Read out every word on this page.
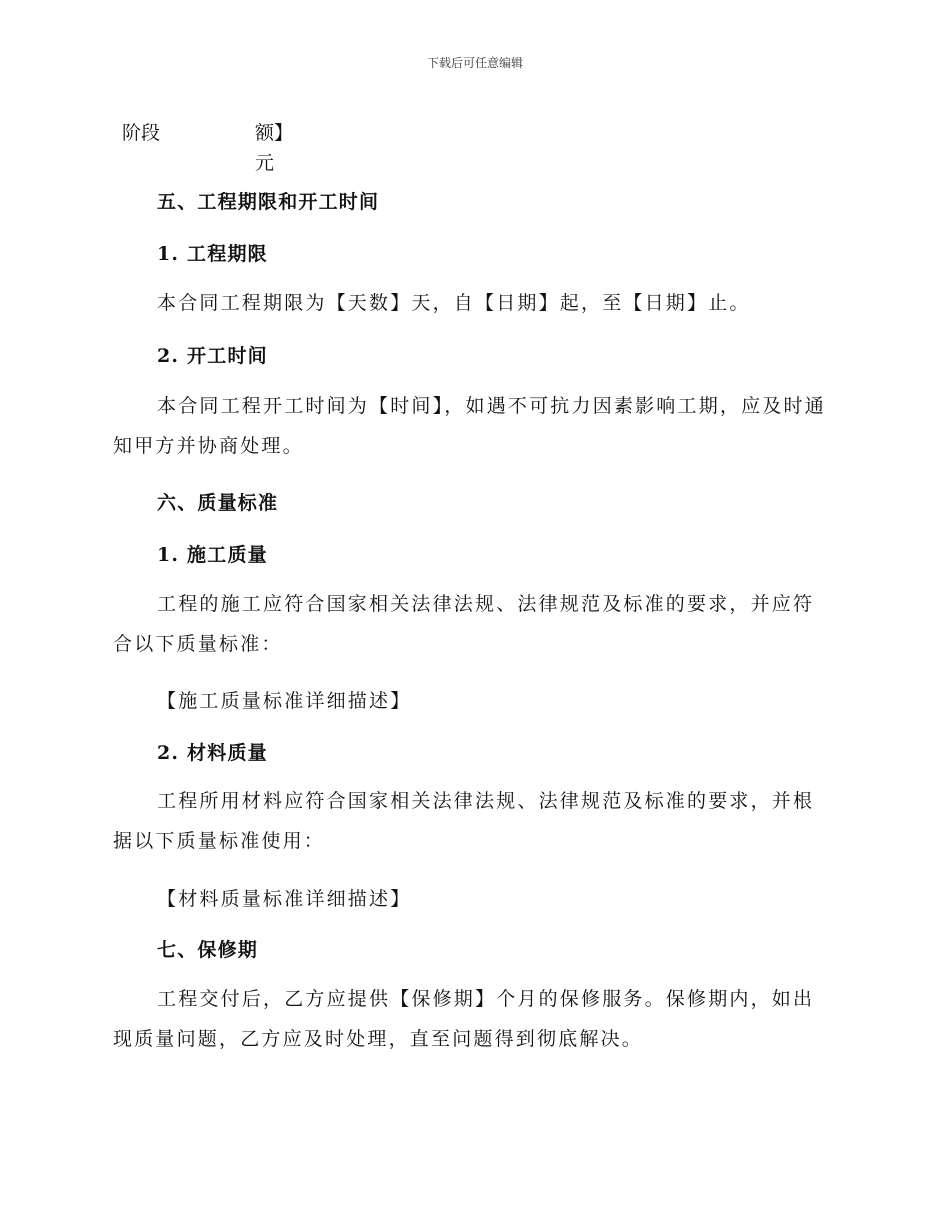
下载后可任意编辑
阶段	额】
元
五、工程期限和开工时间
1. 工程期限
本合同工程期限为【天数】天，自【日期】起，至【日期】止。
2. 开工时间
本合同工程开工时间为【时间】，如遇不可抗力因素影响工期，应及时通知甲方并协商处理。
六、质量标准
1. 施工质量
工程的施工应符合国家相关法律法规、法律规范及标准的要求，并应符合以下质量标准：
【施工质量标准详细描述】
2. 材料质量
工程所用材料应符合国家相关法律法规、法律规范及标准的要求，并根据以下质量标准使用：
【材料质量标准详细描述】
七、保修期
工程交付后，乙方应提供【保修期】个月的保修服务。保修期内，如出现质量问题，乙方应及时处理，直至问题得到彻底解决。
